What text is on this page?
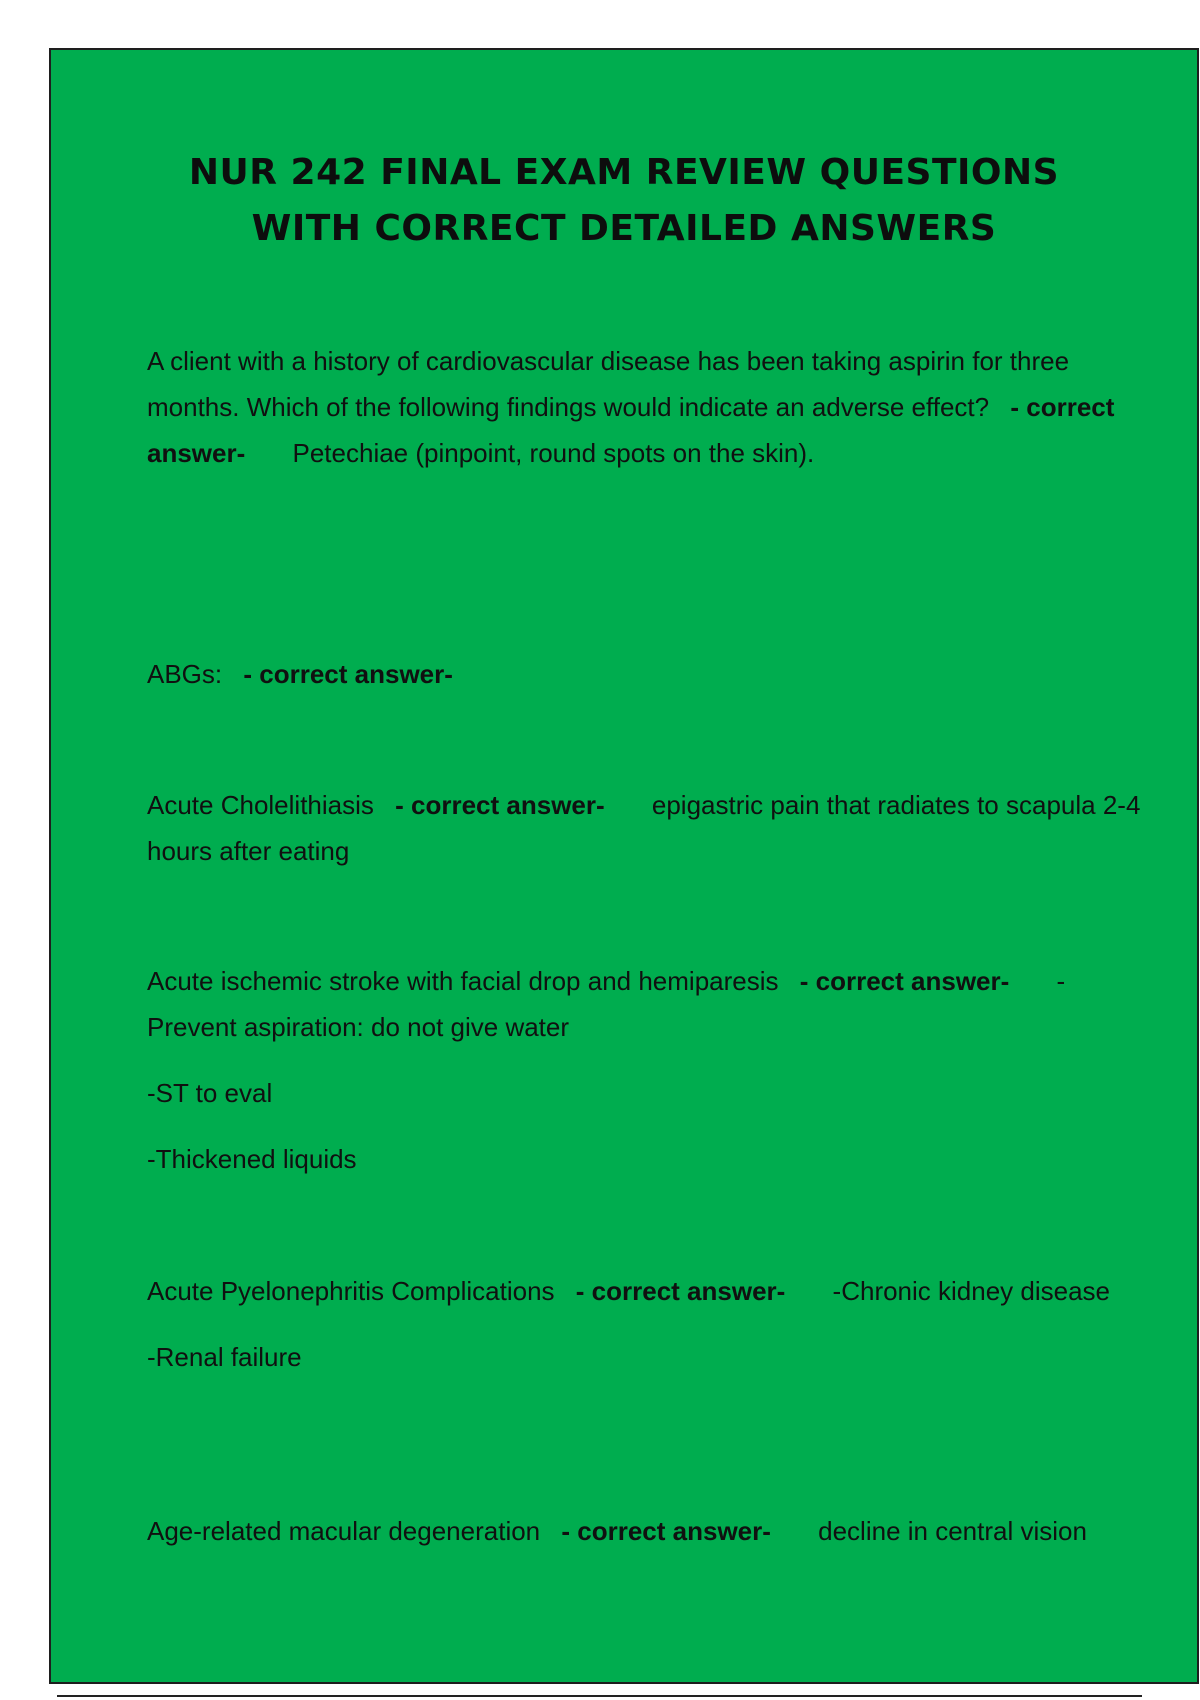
NUR 242 FINAL EXAM REVIEW QUESTIONS
WITH CORRECT DETAILED ANSWERS

A client with a history of cardiovascular disease has been taking aspirin for three months. Which of the following findings would indicate an adverse effect? - correct answer- Petechiae (pinpoint, round spots on the skin).

ABGs: - correct answer-

Acute Cholelithiasis - correct answer- epigastric pain that radiates to scapula 2-4 hours after eating

Acute ischemic stroke with facial drop and hemiparesis - correct answer- -Prevent aspiration: do not give water

-ST to eval

-Thickened liquids

Acute Pyelonephritis Complications - correct answer- -Chronic kidney disease

-Renal failure

Age-related macular degeneration - correct answer- decline in central vision
